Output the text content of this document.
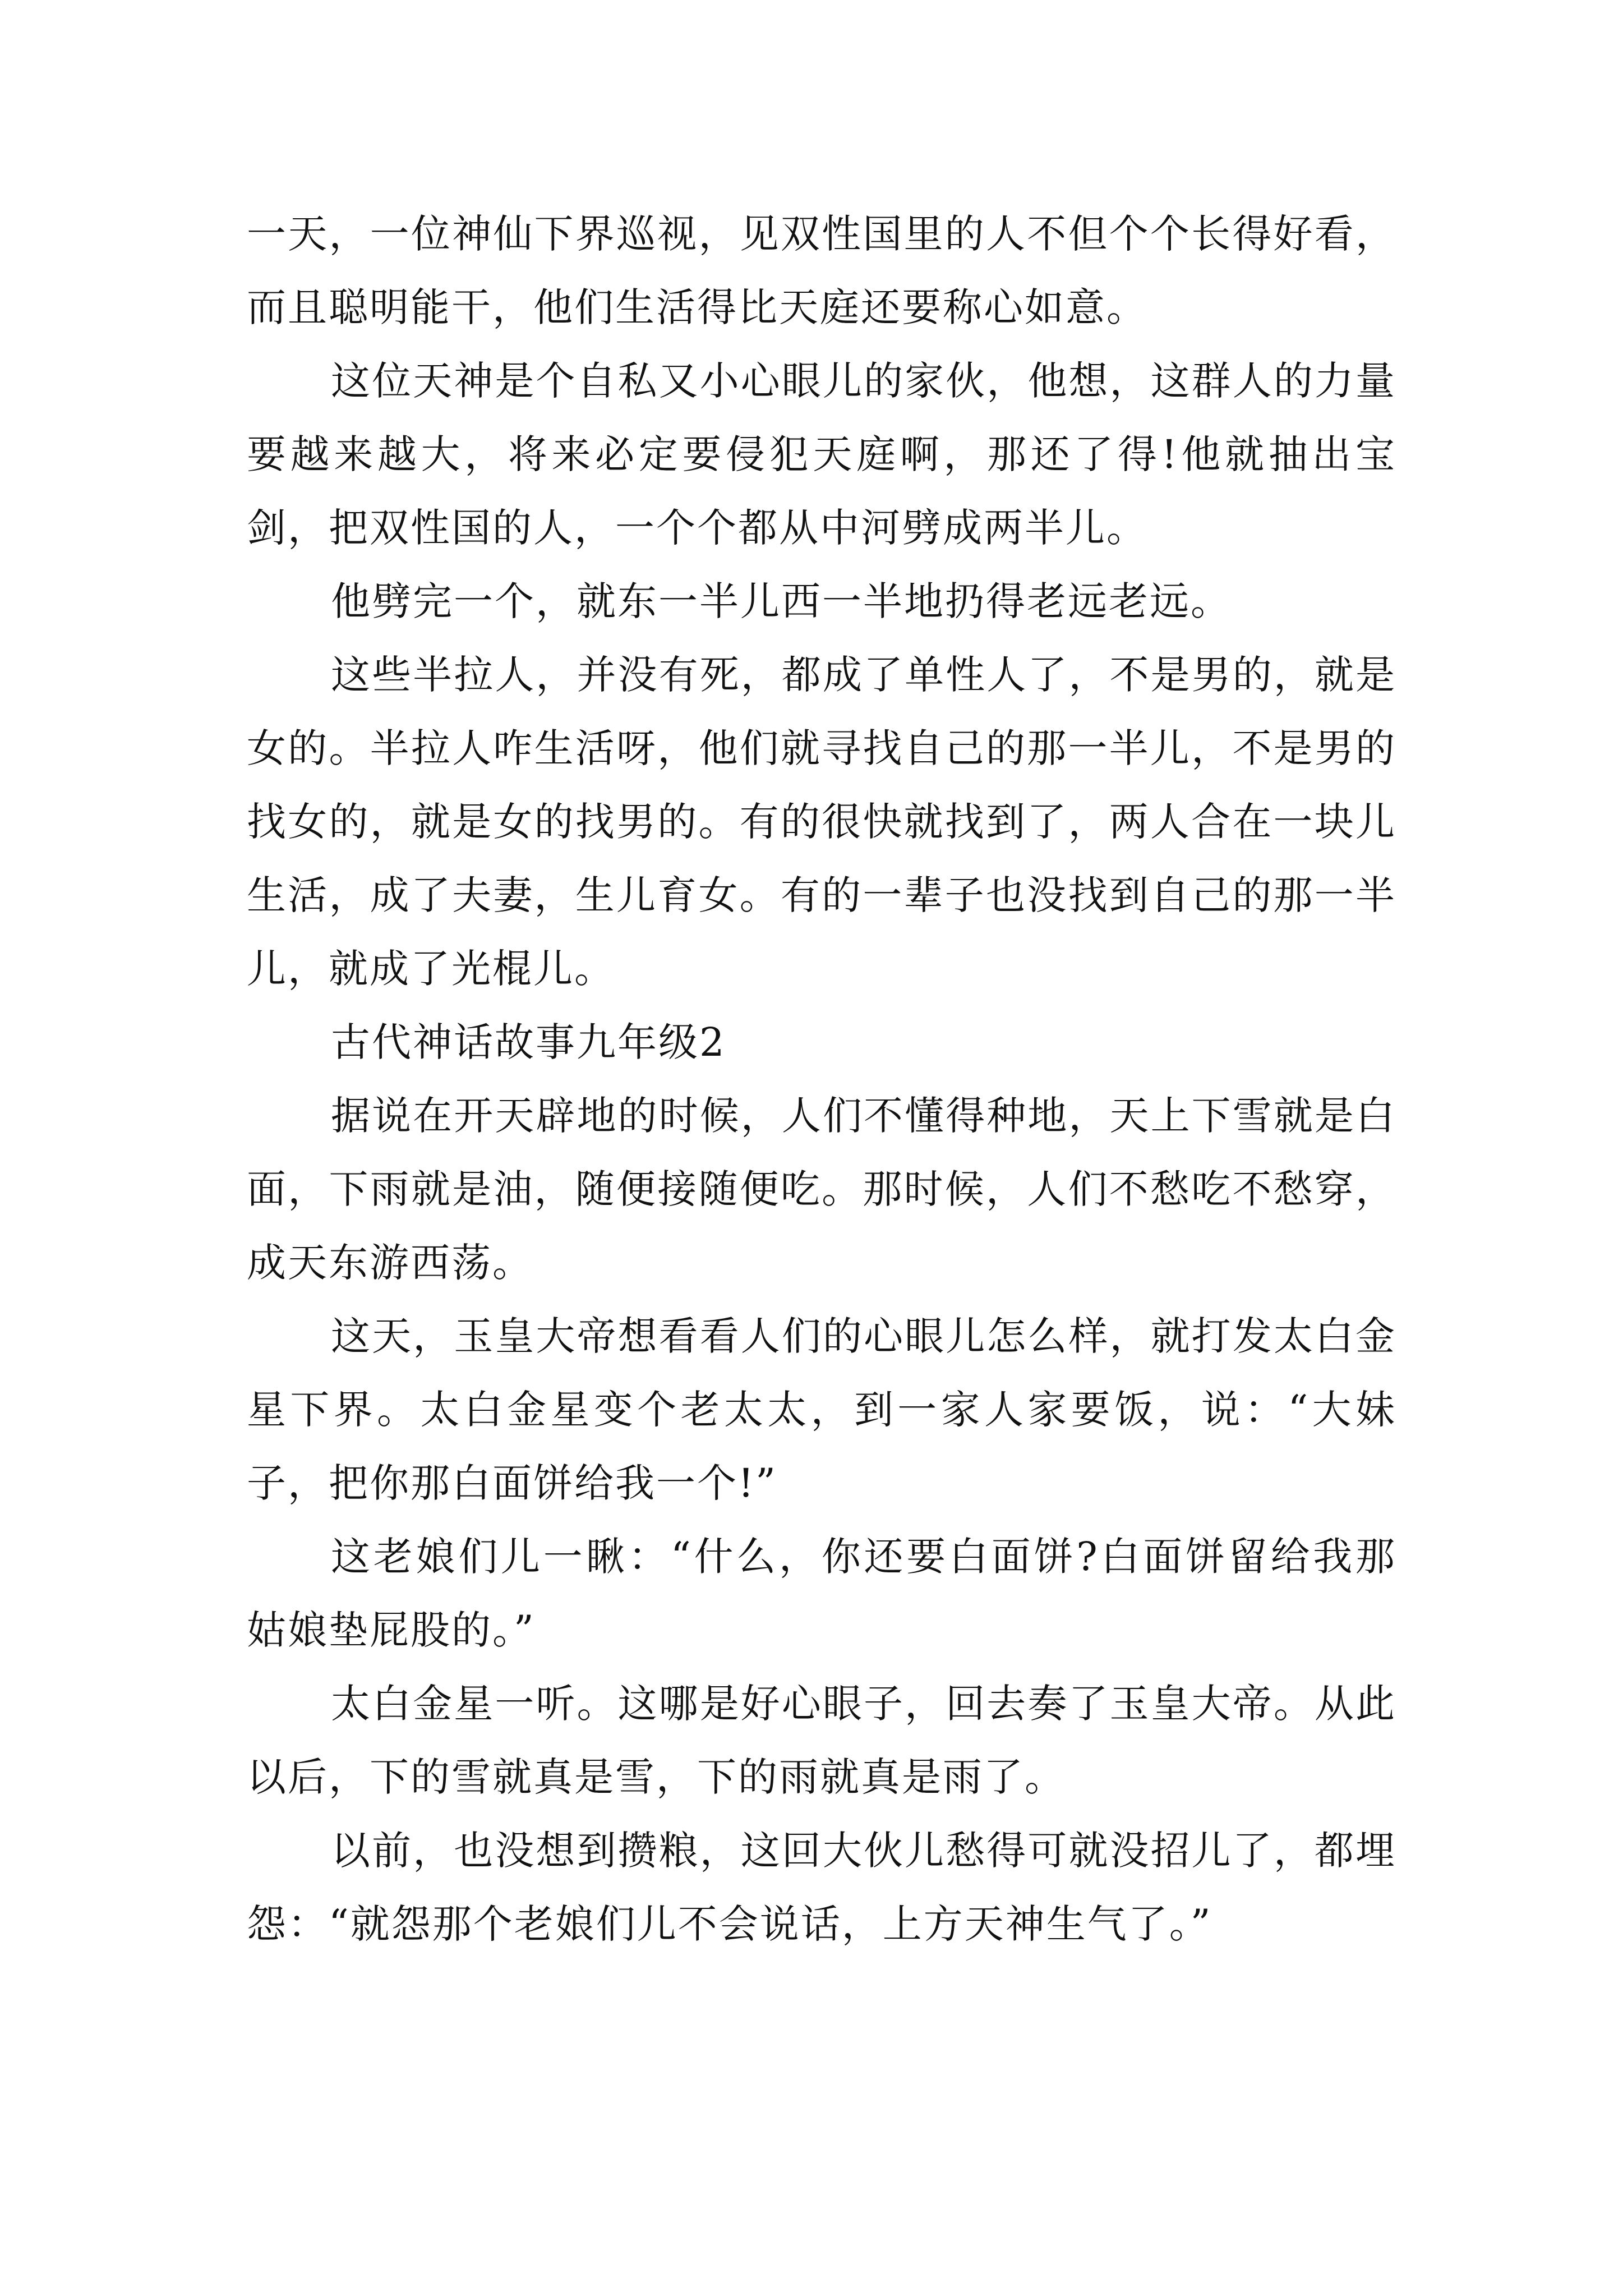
一天，一位神仙下界巡视，见双性国里的人不但个个长得好看，而且聪明能干，他们生活得比天庭还要称心如意。

这位天神是个自私又小心眼儿的家伙，他想，这群人的力量要越来越大，将来必定要侵犯天庭啊，那还了得!他就抽出宝剑，把双性国的人，一个个都从中河劈成两半儿。

他劈完一个，就东一半儿西一半地扔得老远老远。

这些半拉人，并没有死，都成了单性人了，不是男的，就是女的。半拉人咋生活呀，他们就寻找自己的那一半儿，不是男的找女的，就是女的找男的。有的很快就找到了，两人合在一块儿生活，成了夫妻，生儿育女。有的一辈子也没找到自己的那一半儿，就成了光棍儿。

古代神话故事九年级2

据说在开天辟地的时候，人们不懂得种地，天上下雪就是白面，下雨就是油，随便接随便吃。那时候，人们不愁吃不愁穿，成天东游西荡。

这天，玉皇大帝想看看人们的心眼儿怎么样，就打发太白金星下界。太白金星变个老太太，到一家人家要饭，说：“大妹子，把你那白面饼给我一个!”

这老娘们儿一瞅：“什么，你还要白面饼?白面饼留给我那姑娘垫屁股的。”

太白金星一听。这哪是好心眼子，回去奏了玉皇大帝。从此以后，下的雪就真是雪，下的雨就真是雨了。

以前，也没想到攒粮，这回大伙儿愁得可就没招儿了，都埋怨：“就怨那个老娘们儿不会说话，上方天神生气了。”
